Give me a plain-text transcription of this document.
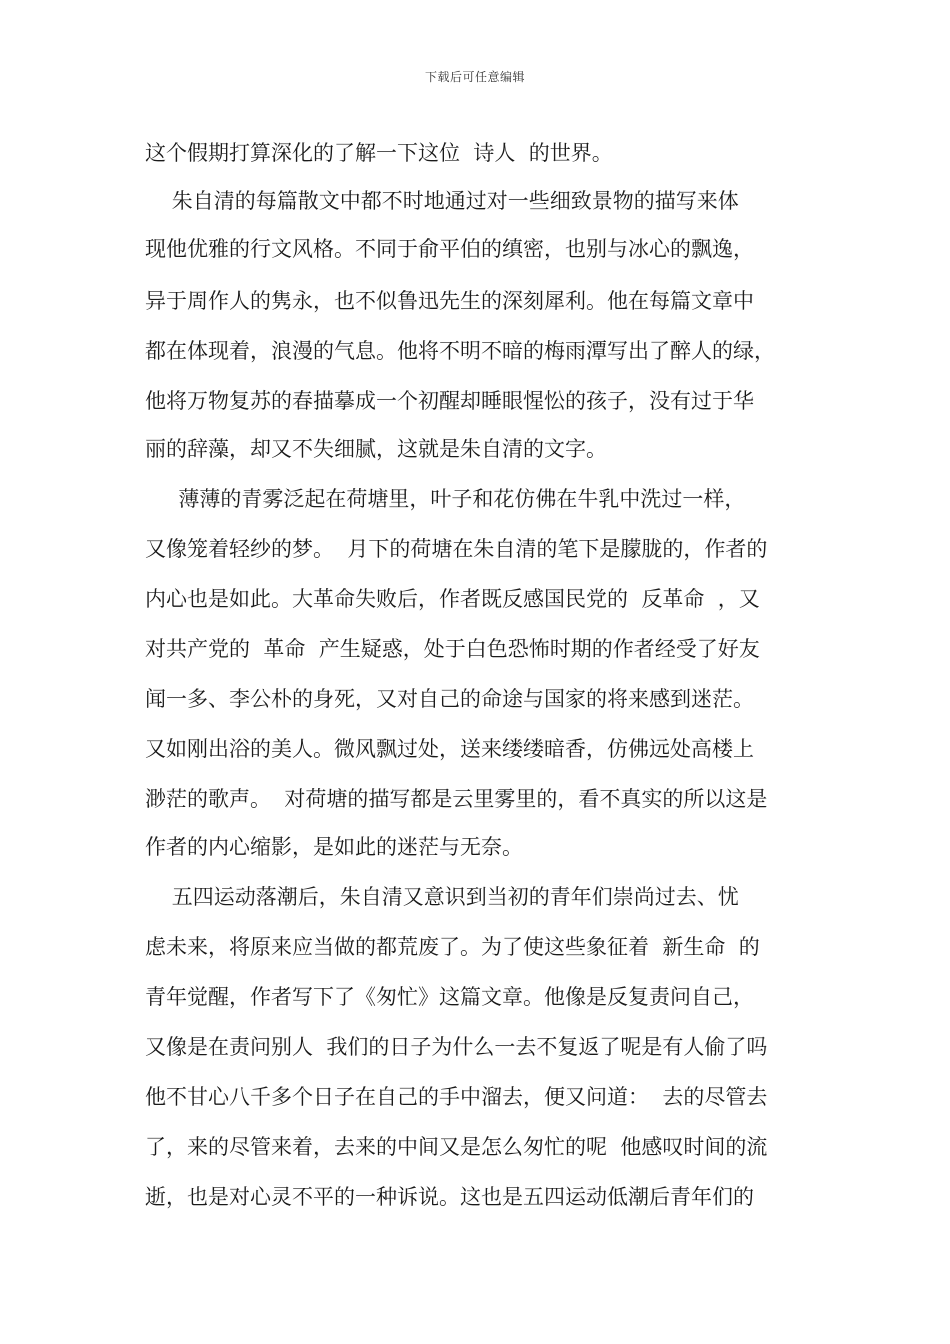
下载后可任意编辑
这个假期打算深化的了解一下这位  诗人  的世界。
朱自清的每篇散文中都不时地通过对一些细致景物的描写来体
现他优雅的行文风格。不同于俞平伯的缜密，也别与冰心的飘逸，
异于周作人的隽永，也不似鲁迅先生的深刻犀利。他在每篇文章中
都在体现着，浪漫的气息。他将不明不暗的梅雨潭写出了醉人的绿，
他将万物复苏的春描摹成一个初醒却睡眼惺忪的孩子，没有过于华
丽的辞藻，却又不失细腻，这就是朱自清的文字。
薄薄的青雾泛起在荷塘里，叶子和花仿佛在牛乳中洗过一样，
又像笼着轻纱的梦。  月下的荷塘在朱自清的笔下是朦胧的，作者的
内心也是如此。大革命失败后，作者既反感国民党的  反革命  ，又
对共产党的  革命  产生疑惑，处于白色恐怖时期的作者经受了好友
闻一多、李公朴的身死，又对自己的命途与国家的将来感到迷茫。
又如刚出浴的美人。微风飘过处，送来缕缕暗香，仿佛远处高楼上
渺茫的歌声。  对荷塘的描写都是云里雾里的，看不真实的所以这是
作者的内心缩影，是如此的迷茫与无奈。
五四运动落潮后，朱自清又意识到当初的青年们崇尚过去、忧
虑未来，将原来应当做的都荒废了。为了使这些象征着  新生命  的
青年觉醒，作者写下了《匆忙》这篇文章。他像是反复责问自己，
又像是在责问别人  我们的日子为什么一去不复返了呢是有人偷了吗
他不甘心八千多个日子在自己的手中溜去，便又问道：  去的尽管去
了，来的尽管来着，去来的中间又是怎么匆忙的呢  他感叹时间的流
逝，也是对心灵不平的一种诉说。这也是五四运动低潮后青年们的
